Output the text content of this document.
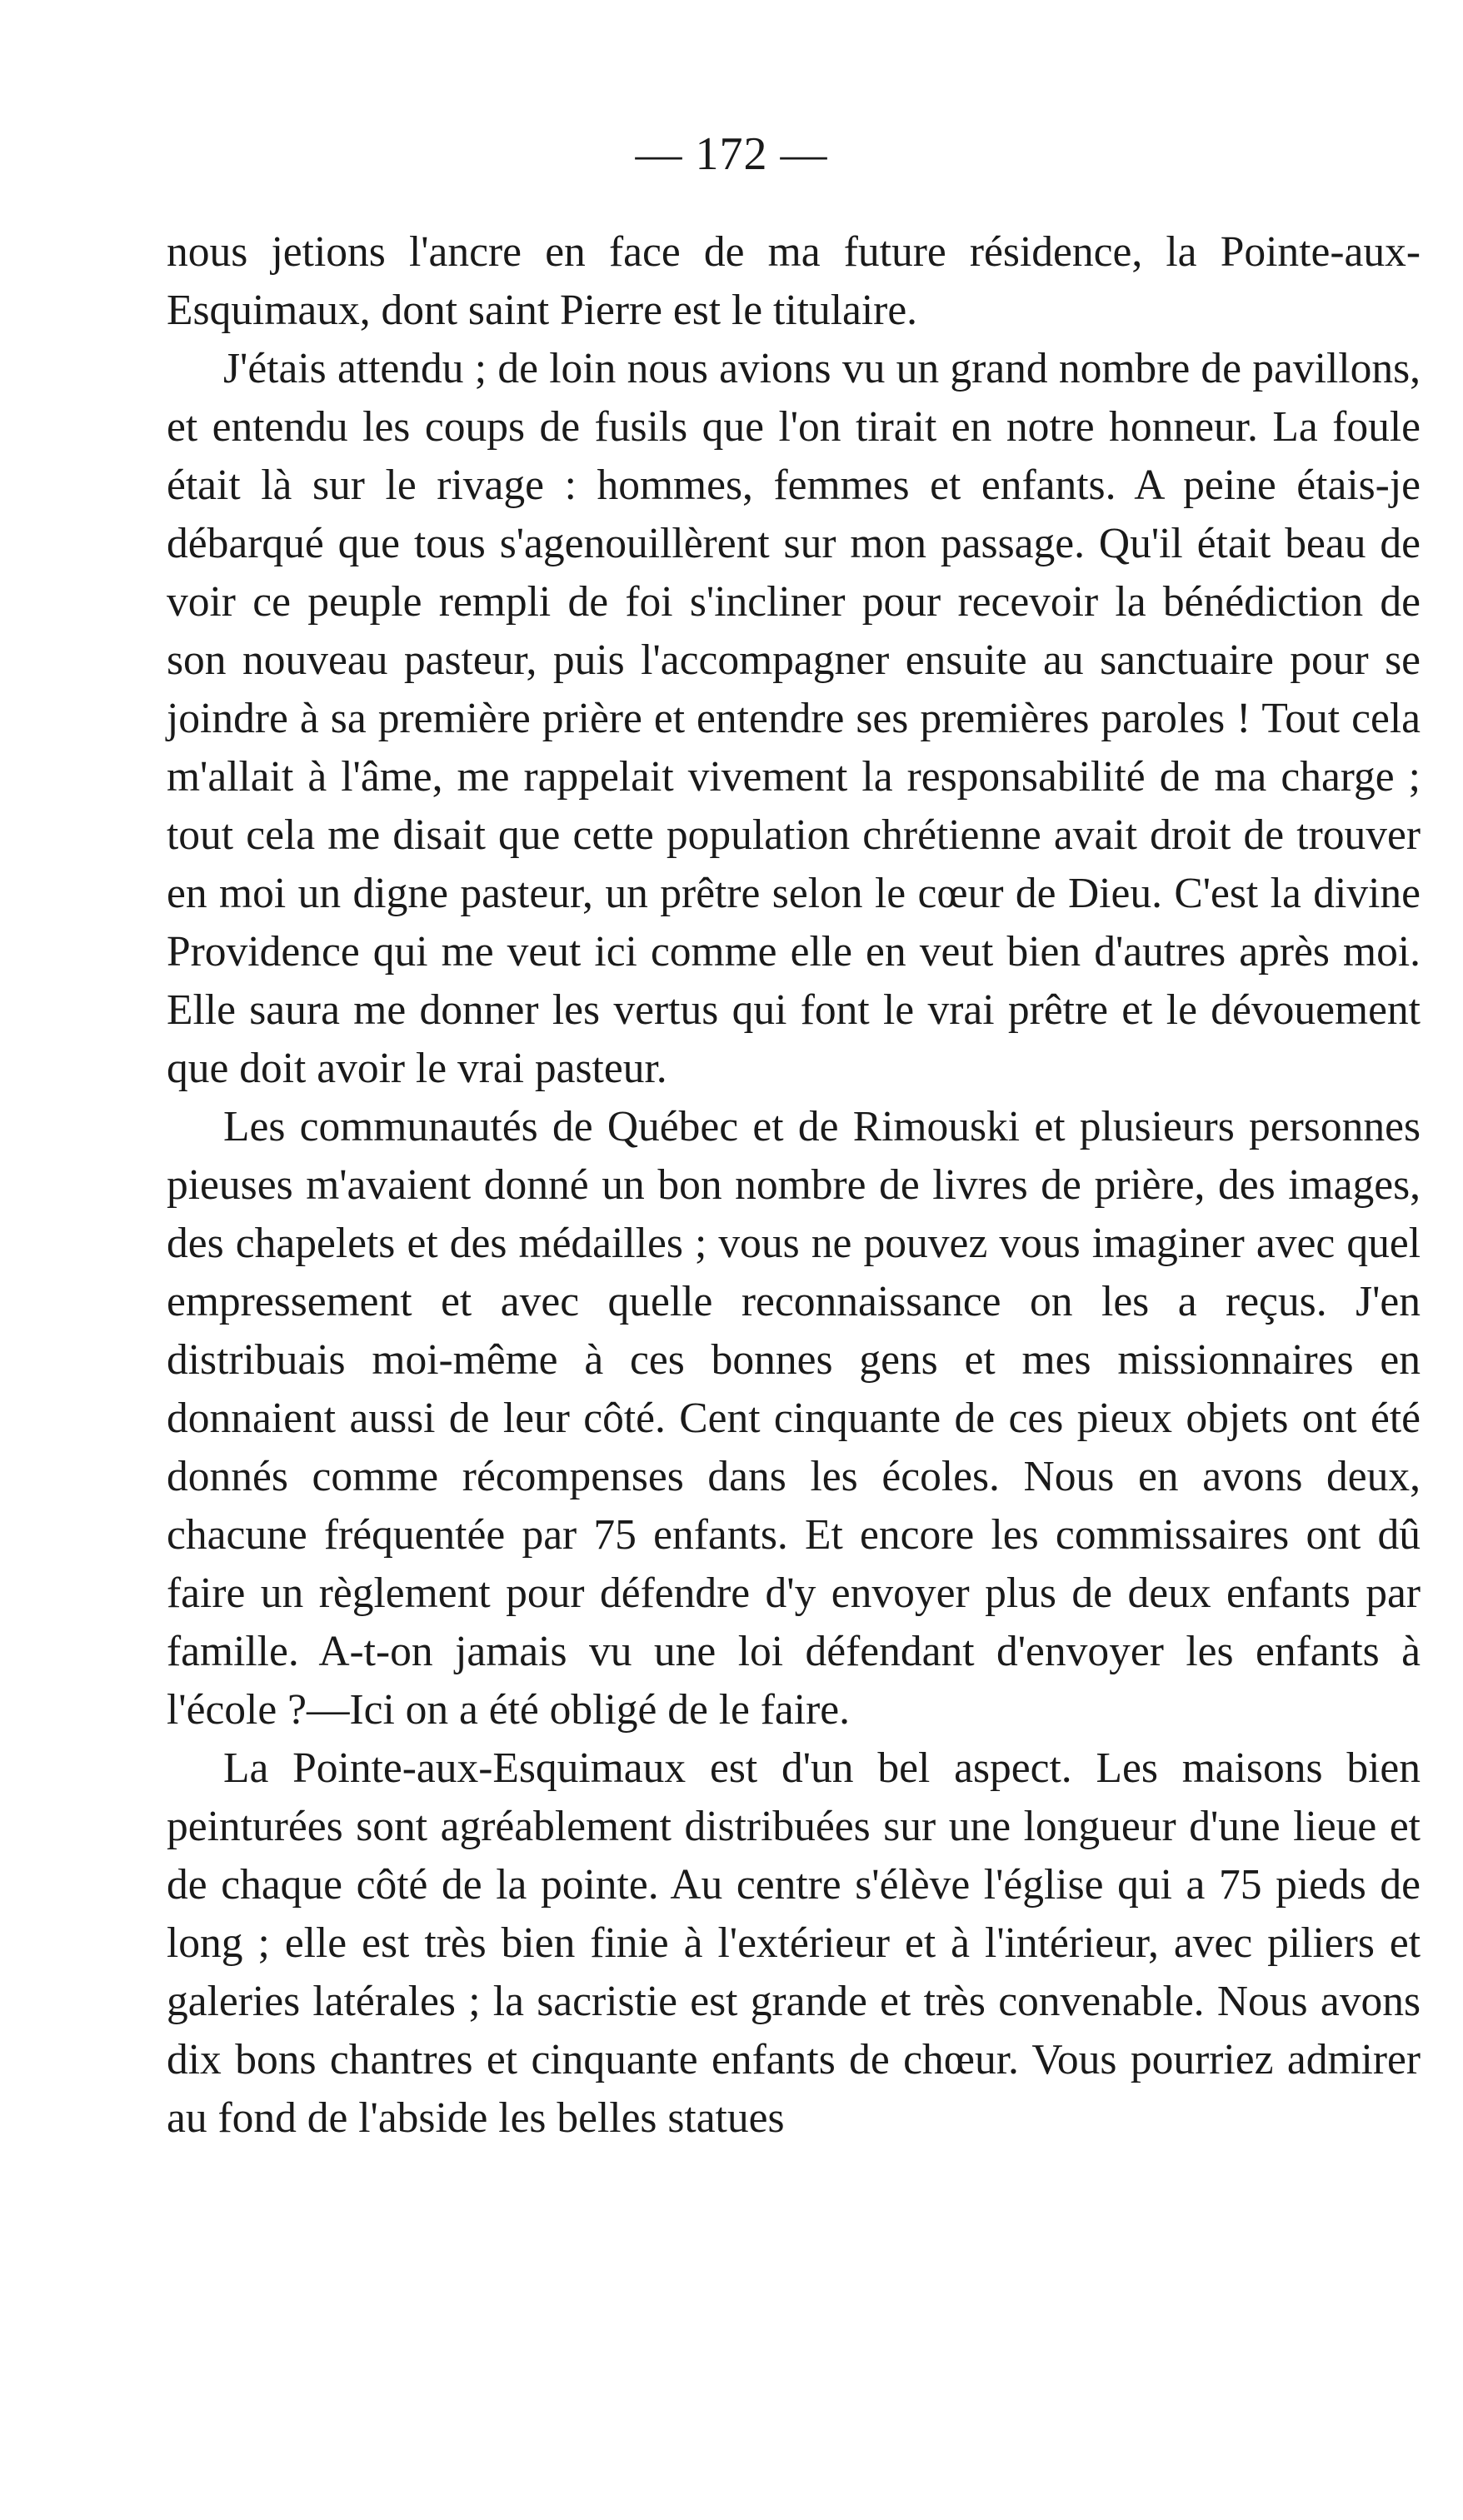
— 172 —

nous jetions l'ancre en face de ma future résidence, la Pointe-aux-Esquimaux, dont saint Pierre est le titulaire.

J'étais attendu ; de loin nous avions vu un grand nombre de pavillons, et entendu les coups de fusils que l'on tirait en notre honneur. La foule était là sur le rivage : hommes, femmes et enfants. A peine étais-je débarqué que tous s'agenouillèrent sur mon passage. Qu'il était beau de voir ce peuple rempli de foi s'incliner pour recevoir la bénédiction de son nouveau pasteur, puis l'accompagner ensuite au sanctuaire pour se joindre à sa première prière et entendre ses premières paroles ! Tout cela m'allait à l'âme, me rappelait vivement la responsabilité de ma charge ; tout cela me disait que cette population chrétienne avait droit de trouver en moi un digne pasteur, un prêtre selon le cœur de Dieu. C'est la divine Providence qui me veut ici comme elle en veut bien d'autres après moi. Elle saura me donner les vertus qui font le vrai prêtre et le dévouement que doit avoir le vrai pasteur.

Les communautés de Québec et de Rimouski et plusieurs personnes pieuses m'avaient donné un bon nombre de livres de prière, des images, des chapelets et des médailles ; vous ne pouvez vous imaginer avec quel empressement et avec quelle reconnaissance on les a reçus. J'en distribuais moi-même à ces bonnes gens et mes missionnaires en donnaient aussi de leur côté. Cent cinquante de ces pieux objets ont été donnés comme récompenses dans les écoles. Nous en avons deux, chacune fréquentée par 75 enfants. Et encore les commissaires ont dû faire un règlement pour défendre d'y envoyer plus de deux enfants par famille. A-t-on jamais vu une loi défendant d'envoyer les enfants à l'école ?—Ici on a été obligé de le faire.

La Pointe-aux-Esquimaux est d'un bel aspect. Les maisons bien peinturées sont agréablement distribuées sur une longueur d'une lieue et de chaque côté de la pointe. Au centre s'élève l'église qui a 75 pieds de long ; elle est très bien finie à l'extérieur et à l'intérieur, avec piliers et galeries latérales ; la sacristie est grande et très convenable. Nous avons dix bons chantres et cinquante enfants de chœur. Vous pourriez admirer au fond de l'abside les belles statues
